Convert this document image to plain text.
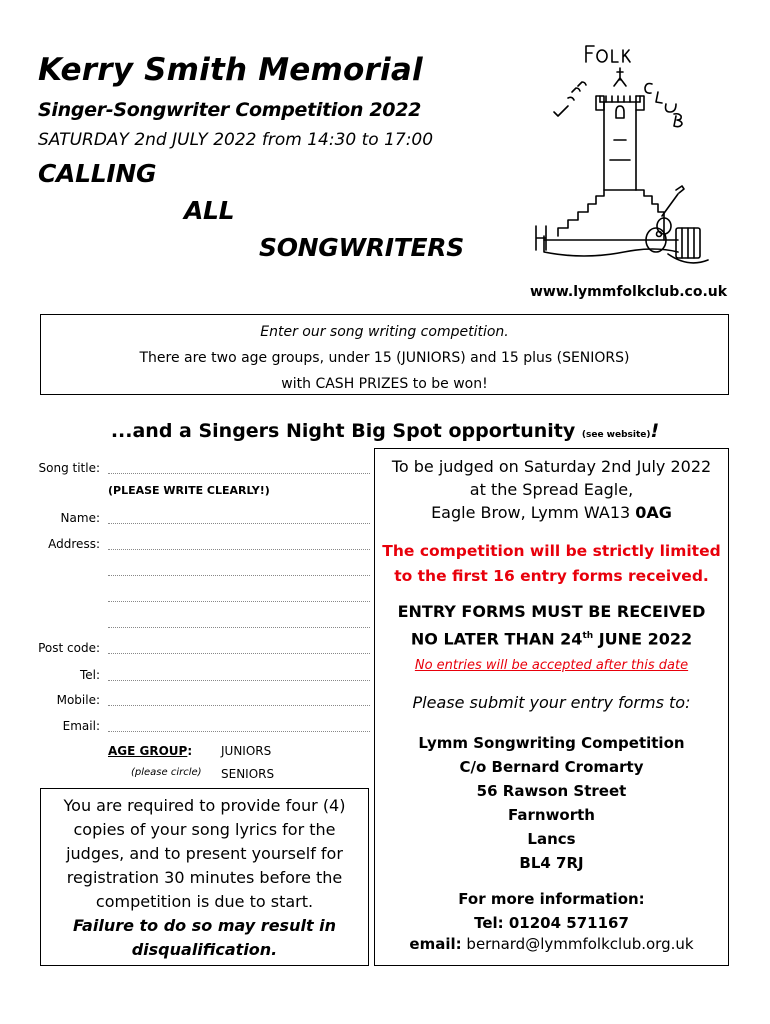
Kerry Smith Memorial
Singer-Songwriter Competition 2022
SATURDAY 2nd JULY 2022 from 14:30 to 17:00
CALLING
ALL
SONGWRITERS
www.lymmfolkclub.co.uk
Enter our song writing competition.
There are two age groups, under 15 (JUNIORS) and 15 plus (SENIORS)
with CASH PRIZES to be won!
...and a Singers Night Big Spot opportunity (see website)!
Song title:
(PLEASE WRITE CLEARLY!)
Name:
Address:
Post code:
Tel:
Mobile:
Email:
AGE GROUP:
(please circle)
JUNIORS
SENIORS
You are required to provide four (4)
copies of your song lyrics for the
judges, and to present yourself for
registration 30 minutes before the
competition is due to start.
Failure to do so may result in
disqualification.
To be judged on Saturday 2nd July 2022
at the Spread Eagle,
Eagle Brow, Lymm WA13 0AG
The competition will be strictly limited
to the first 16 entry forms received.
ENTRY FORMS MUST BE RECEIVED
NO LATER THAN 24th JUNE 2022
No entries will be accepted after this date
Please submit your entry forms to:
Lymm Songwriting Competition
C/o Bernard Cromarty
56 Rawson Street
Farnworth
Lancs
BL4 7RJ
For more information:
Tel: 01204 571167
email: bernard@lymmfolkclub.org.uk
